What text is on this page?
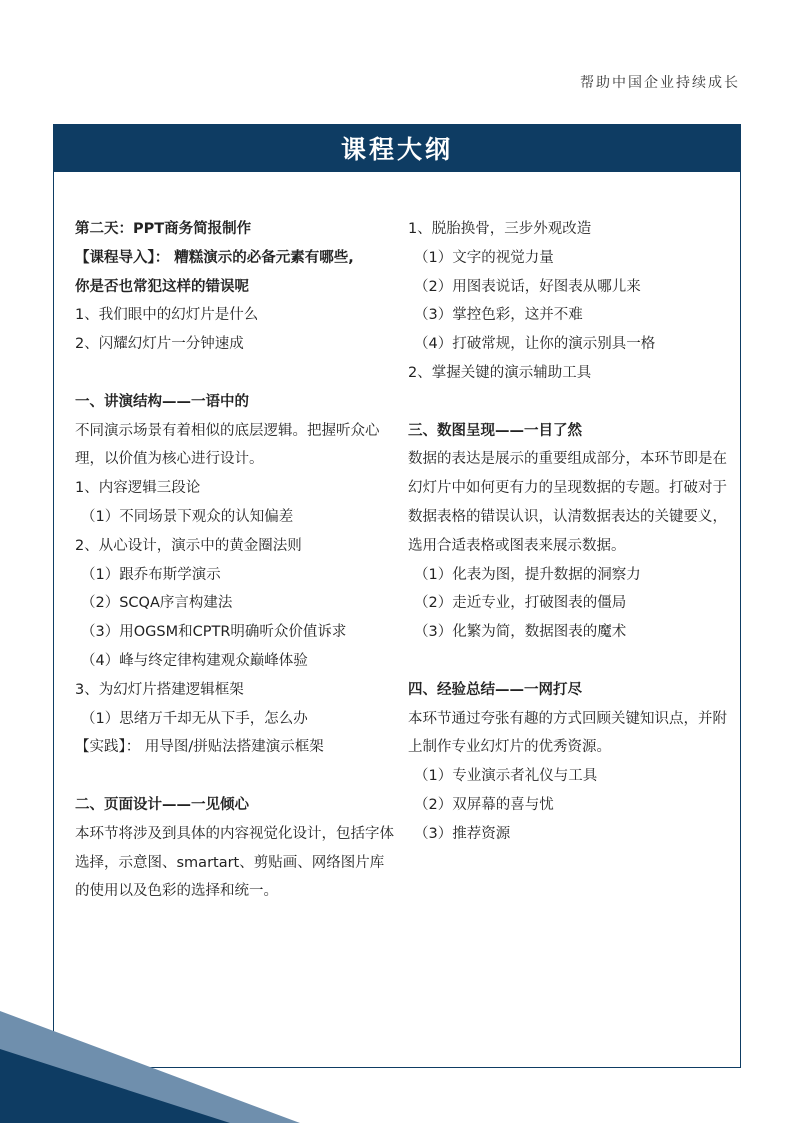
帮助中国企业持续成长
课程大纲
第二天：PPT商务简报制作
【课程导入】： 糟糕演示的必备元素有哪些,
你是否也常犯这样的错误呢
1、我们眼中的幻灯片是什么
2、闪耀幻灯片一分钟速成
一、讲演结构——一语中的
不同演示场景有着相似的底层逻辑。把握听众心理，以价值为核心进行设计。
1、内容逻辑三段论
（1）不同场景下观众的认知偏差
2、从心设计，演示中的黄金圈法则
（1）跟乔布斯学演示
（2）SCQA序言构建法
（3）用OGSM和CPTR明确听众价值诉求
（4）峰与终定律构建观众巅峰体验
3、为幻灯片搭建逻辑框架
（1）思绪万千却无从下手，怎么办
【实践】： 用导图/拼贴法搭建演示框架
二、页面设计——一见倾心
本环节将涉及到具体的内容视觉化设计，包括字体选择，示意图、smartart、剪贴画、网络图片库的使用以及色彩的选择和统一。
1、脱胎换骨，三步外观改造
（1）文字的视觉力量
（2）用图表说话，好图表从哪儿来
（3）掌控色彩，这并不难
（4）打破常规，让你的演示别具一格
2、掌握关键的演示辅助工具
三、数图呈现——一目了然
数据的表达是展示的重要组成部分，本环节即是在幻灯片中如何更有力的呈现数据的专题。打破对于数据表格的错误认识，认清数据表达的关键要义，选用合适表格或图表来展示数据。
（1）化表为图，提升数据的洞察力
（2）走近专业，打破图表的僵局
（3）化繁为简，数据图表的魔术
四、经验总结——一网打尽
本环节通过夸张有趣的方式回顾关键知识点，并附上制作专业幻灯片的优秀资源。
（1）专业演示者礼仪与工具
（2）双屏幕的喜与忧
（3）推荐资源
